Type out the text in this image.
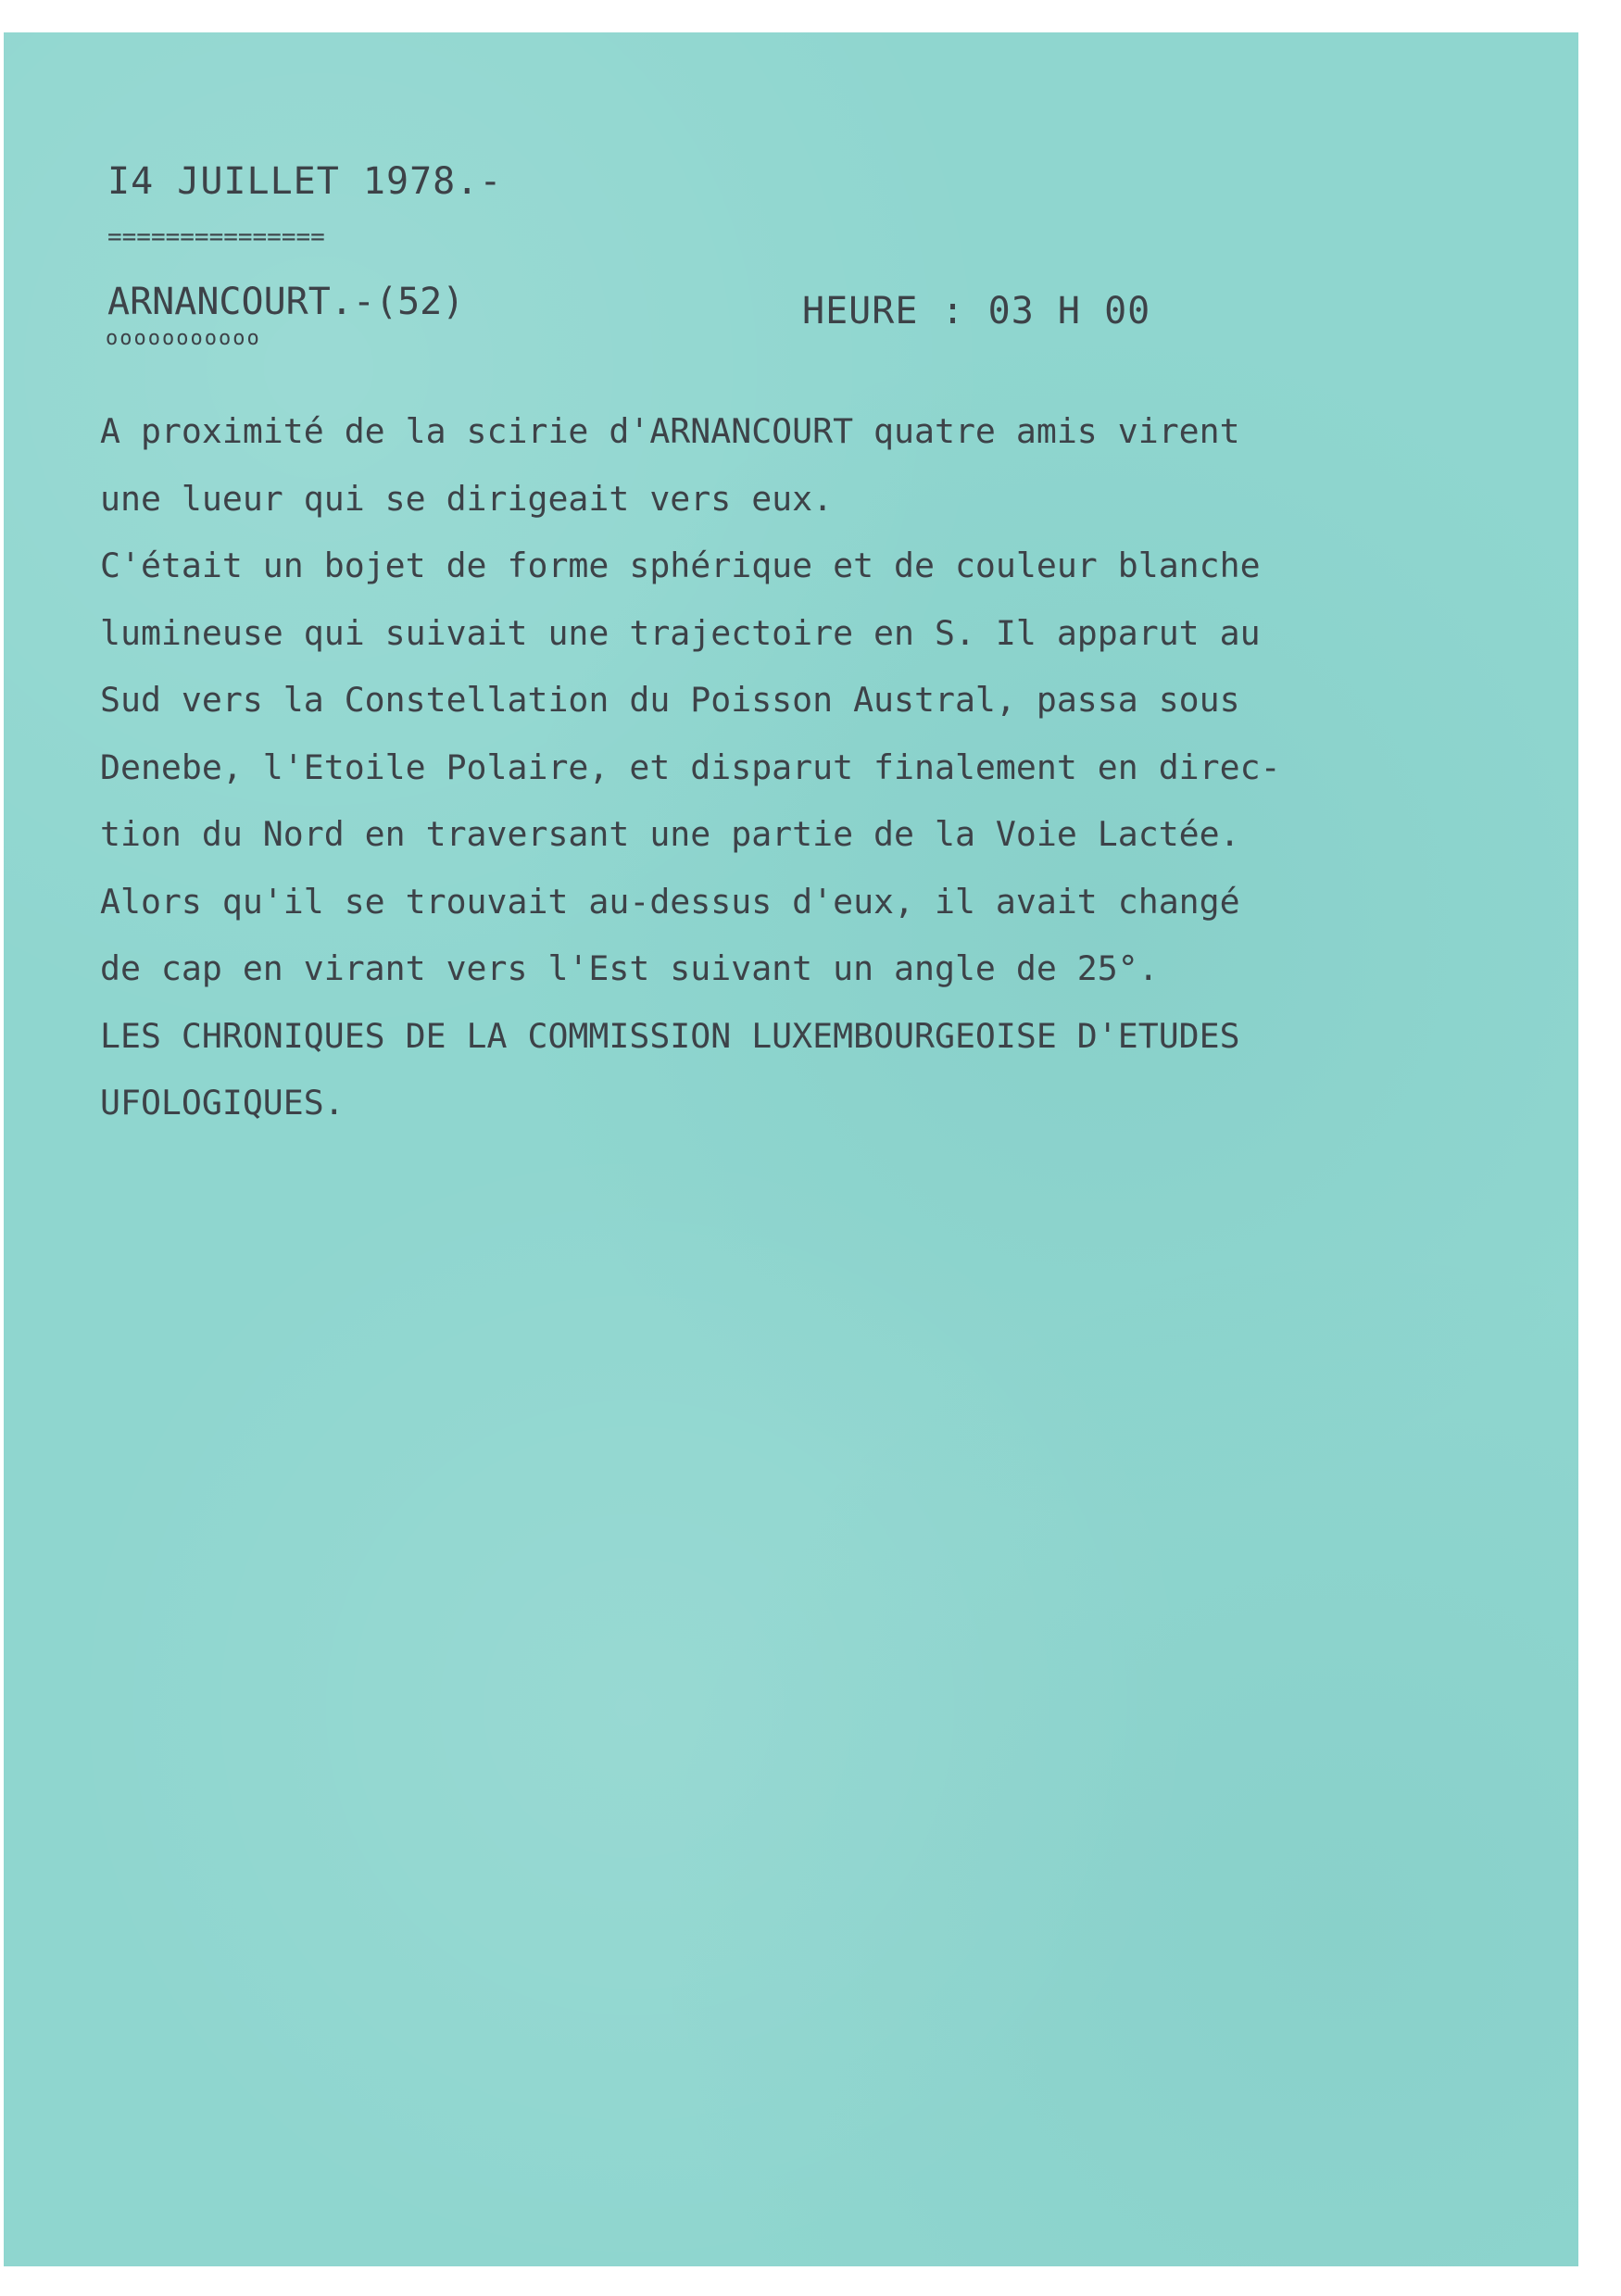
I4 JUILLET 1978.-

===============

ARNANCOURT.-(52)	HEURE : 03 H 00

ooooooooooo

A proximité de la scirie d'ARNANCOURT quatre amis virent
une lueur qui se dirigeait vers eux.
C'était un bojet de forme sphérique et de couleur blanche
lumineuse qui suivait une trajectoire en S. Il apparut au
Sud vers la Constellation du Poisson Austral, passa sous
Denebe, l'Etoile Polaire, et disparut finalement en direc-
tion du Nord en traversant une partie de la Voie Lactée.
Alors qu'il se trouvait au-dessus d'eux, il avait changé
de cap en virant vers l'Est suivant un angle de 25°.
LES CHRONIQUES DE LA COMMISSION LUXEMBOURGEOISE D'ETUDES
UFOLOGIQUES.
